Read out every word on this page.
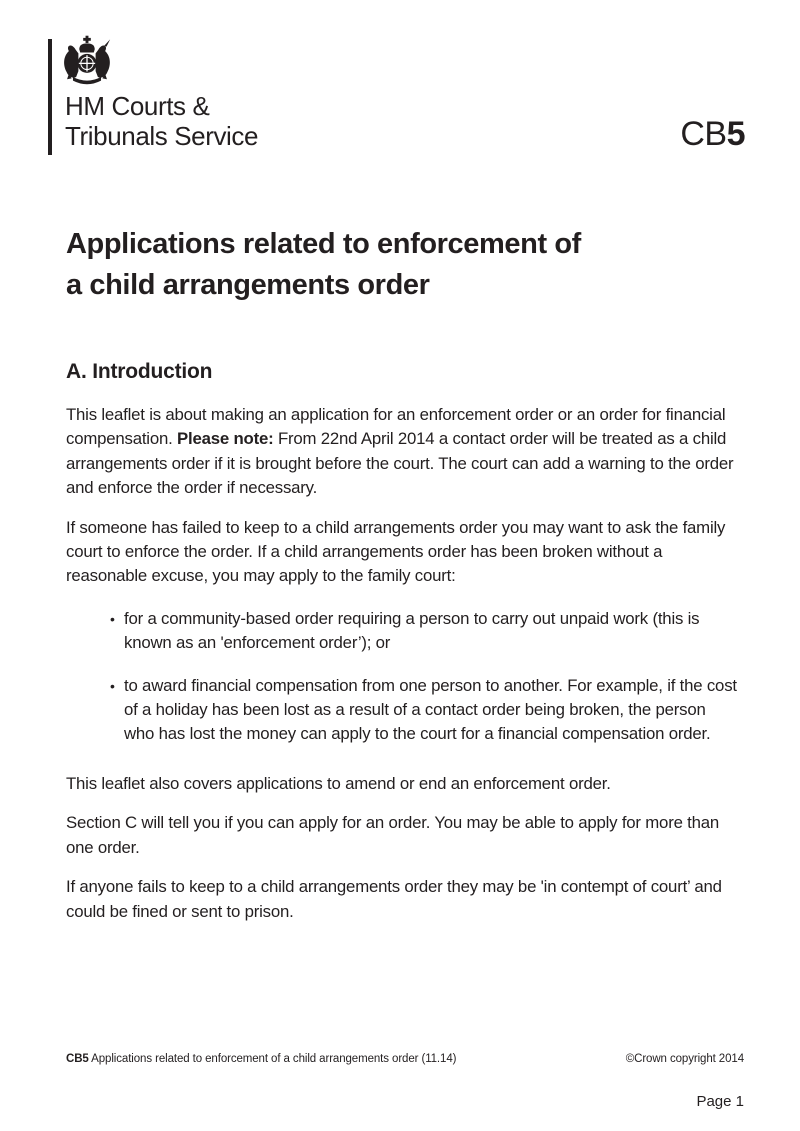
HM Courts &
Tribunals Service	CB5
Applications related to enforcement of
a child arrangements order
A. Introduction

This leaflet is about making an application for an enforcement order or an order for financial compensation. Please note: From 22nd April 2014 a contact order will be treated as a child arrangements order if it is brought before the court. The court can add a warning to the order and enforce the order if necessary.

If someone has failed to keep to a child arrangements order you may want to ask the family court to enforce the order. If a child arrangements order has been broken without a reasonable excuse, you may apply to the family court:

• for a community-based order requiring a person to carry out unpaid work (this is known as an 'enforcement order’); or
• to award financial compensation from one person to another. For example, if the cost of a holiday has been lost as a result of a contact order being broken, the person who has lost the money can apply to the court for a financial compensation order.

This leaflet also covers applications to amend or end an enforcement order.

Section C will tell you if you can apply for an order. You may be able to apply for more than one order.

If anyone fails to keep to a child arrangements order they may be 'in contempt of court’ and could be fined or sent to prison.

CB5 Applications related to enforcement of a child arrangements order (11.14)	©Crown copyright 2014
Page 1
